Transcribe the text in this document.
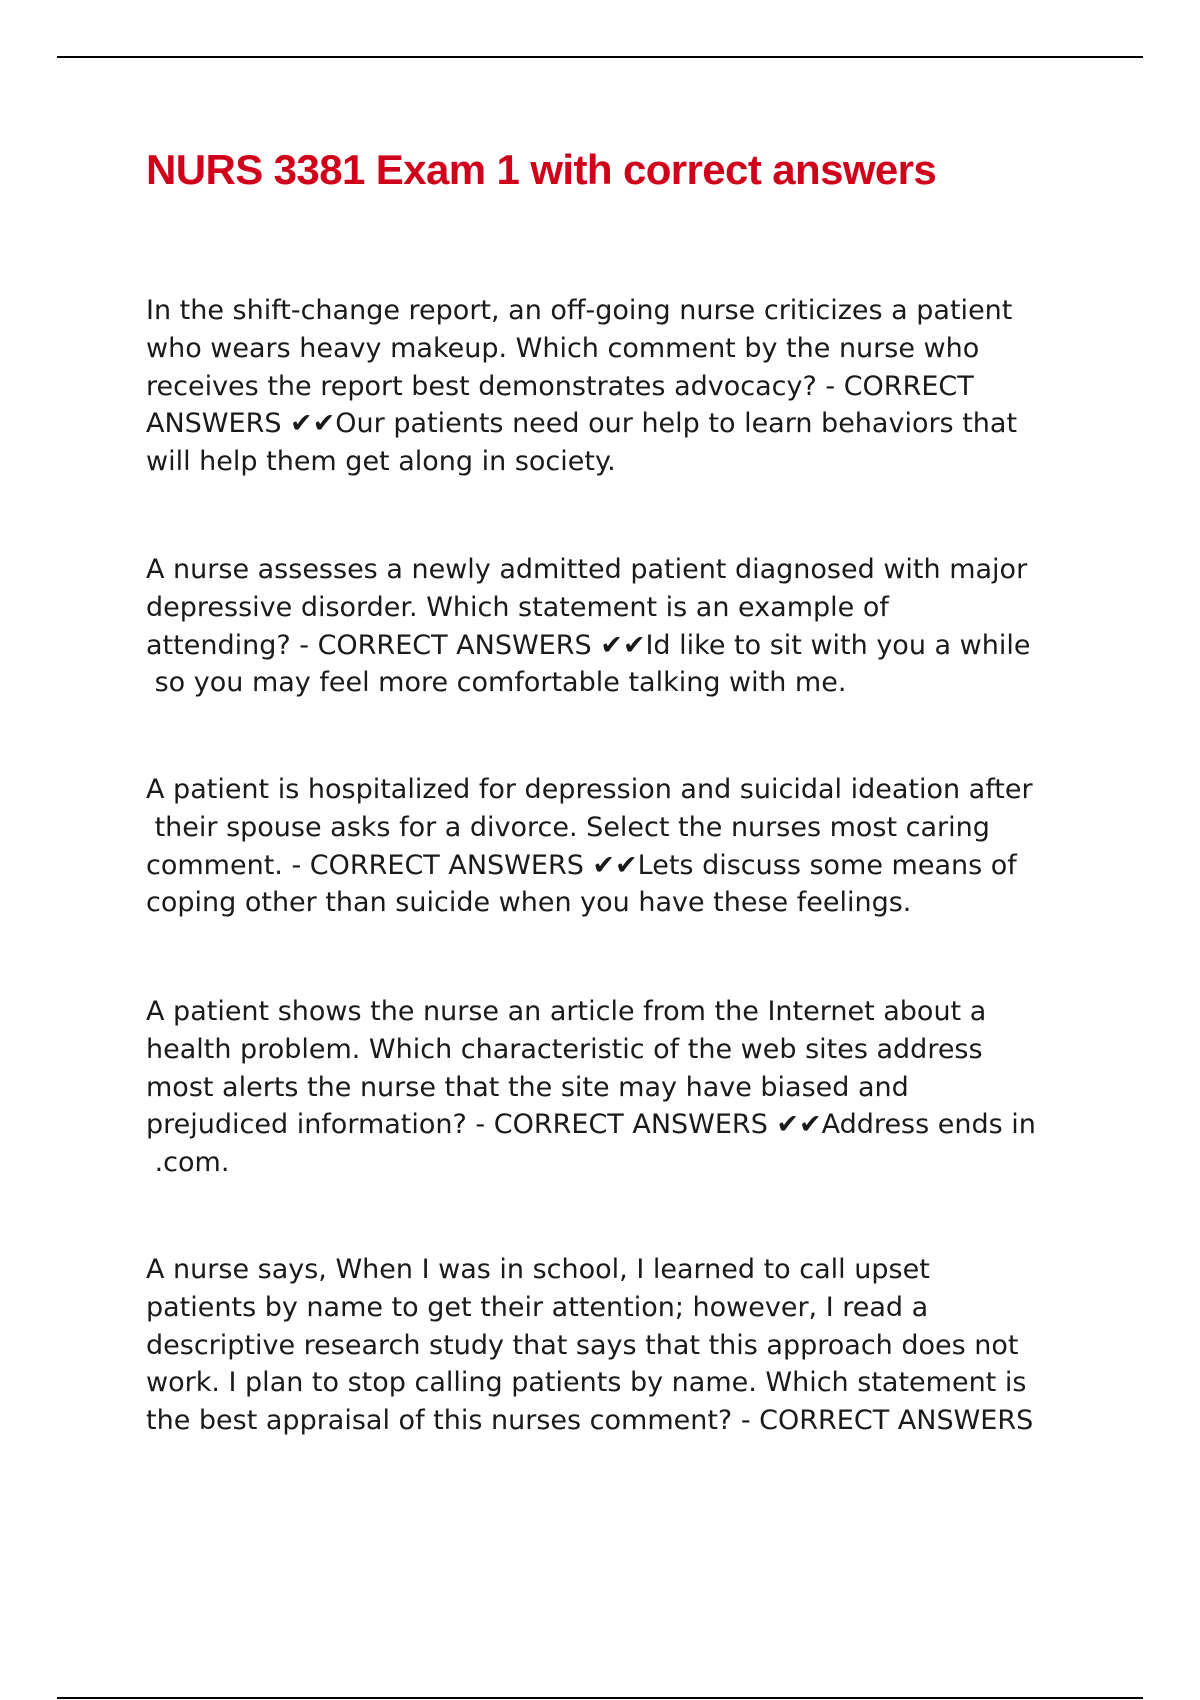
NURS 3381 Exam 1 with correct answers

In the shift-change report, an off-going nurse criticizes a patient
who wears heavy makeup. Which comment by the nurse who
receives the report best demonstrates advocacy? - CORRECT
ANSWERS ✔✔Our patients need our help to learn behaviors that
will help them get along in society.

A nurse assesses a newly admitted patient diagnosed with major
depressive disorder. Which statement is an example of
attending? - CORRECT ANSWERS ✔✔Id like to sit with you a while
so you may feel more comfortable talking with me.

A patient is hospitalized for depression and suicidal ideation after
their spouse asks for a divorce. Select the nurses most caring
comment. - CORRECT ANSWERS ✔✔Lets discuss some means of
coping other than suicide when you have these feelings.

A patient shows the nurse an article from the Internet about a
health problem. Which characteristic of the web sites address
most alerts the nurse that the site may have biased and
prejudiced information? - CORRECT ANSWERS ✔✔Address ends in
.com.

A nurse says, When I was in school, I learned to call upset
patients by name to get their attention; however, I read a
descriptive research study that says that this approach does not
work. I plan to stop calling patients by name. Which statement is
the best appraisal of this nurses comment? - CORRECT ANSWERS
